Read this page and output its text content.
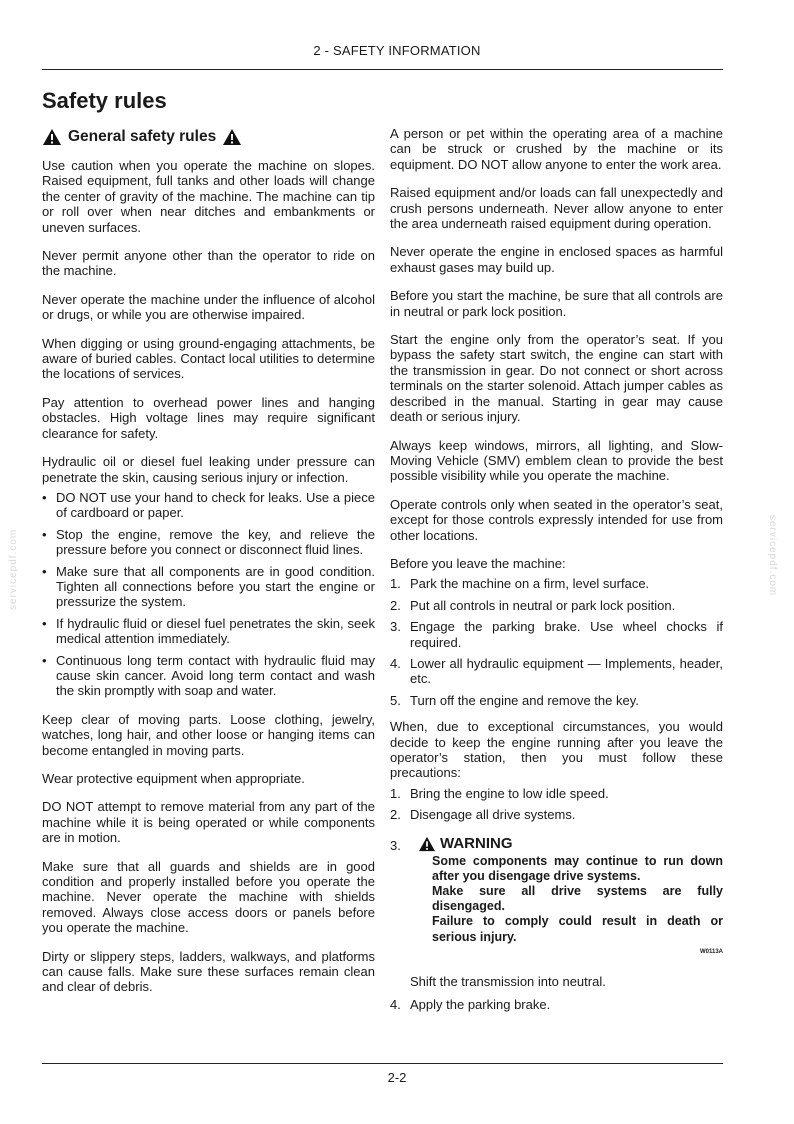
2 - SAFETY INFORMATION
Safety rules
servicepdf.com	servicepdf.com
General safety rules

Use caution when you operate the machine on slopes. Raised equipment, full tanks and other loads will change the center of gravity of the machine. The machine can tip or roll over when near ditches and embankments or uneven surfaces.

Never permit anyone other than the operator to ride on the machine.

Never operate the machine under the influence of alcohol or drugs, or while you are otherwise impaired.

When digging or using ground-engaging attachments, be aware of buried cables. Contact local utilities to determine the locations of services.

Pay attention to overhead power lines and hanging obstacles. High voltage lines may require significant clearance for safety.

Hydraulic oil or diesel fuel leaking under pressure can penetrate the skin, causing serious injury or infection.

• DO NOT use your hand to check for leaks. Use a piece of cardboard or paper.
• Stop the engine, remove the key, and relieve the pressure before you connect or disconnect fluid lines.
• Make sure that all components are in good condition. Tighten all connections before you start the engine or pressurize the system.
• If hydraulic fluid or diesel fuel penetrates the skin, seek medical attention immediately.
• Continuous long term contact with hydraulic fluid may cause skin cancer. Avoid long term contact and wash the skin promptly with soap and water.

Keep clear of moving parts. Loose clothing, jewelry, watches, long hair, and other loose or hanging items can become entangled in moving parts.

Wear protective equipment when appropriate.

DO NOT attempt to remove material from any part of the machine while it is being operated or while components are in motion.

Make sure that all guards and shields are in good condition and properly installed before you operate the machine. Never operate the machine with shields removed. Always close access doors or panels before you operate the machine.

Dirty or slippery steps, ladders, walkways, and platforms can cause falls. Make sure these surfaces remain clean and clear of debris.

A person or pet within the operating area of a machine can be struck or crushed by the machine or its equipment. DO NOT allow anyone to enter the work area.

Raised equipment and/or loads can fall unexpectedly and crush persons underneath. Never allow anyone to enter the area underneath raised equipment during operation.

Never operate the engine in enclosed spaces as harmful exhaust gases may build up.

Before you start the machine, be sure that all controls are in neutral or park lock position.

Start the engine only from the operator’s seat. If you bypass the safety start switch, the engine can start with the transmission in gear. Do not connect or short across terminals on the starter solenoid. Attach jumper cables as described in the manual. Starting in gear may cause death or serious injury.

Always keep windows, mirrors, all lighting, and Slow-Moving Vehicle (SMV) emblem clean to provide the best possible visibility while you operate the machine.

Operate controls only when seated in the operator’s seat, except for those controls expressly intended for use from other locations.

Before you leave the machine:

1. Park the machine on a firm, level surface.
2. Put all controls in neutral or park lock position.
3. Engage the parking brake. Use wheel chocks if required.
4. Lower all hydraulic equipment — Implements, header, etc.
5. Turn off the engine and remove the key.

When, due to exceptional circumstances, you would decide to keep the engine running after you leave the operator’s station, then you must follow these precautions:

1. Bring the engine to low idle speed.
2. Disengage all drive systems.
3.	WARNING
Some components may continue to run down after you disengage drive systems.
Make sure all drive systems are fully disengaged.
Failure to comply could result in death or serious injury.
W0113A
Shift the transmission into neutral.
4. Apply the parking brake.
2-2
